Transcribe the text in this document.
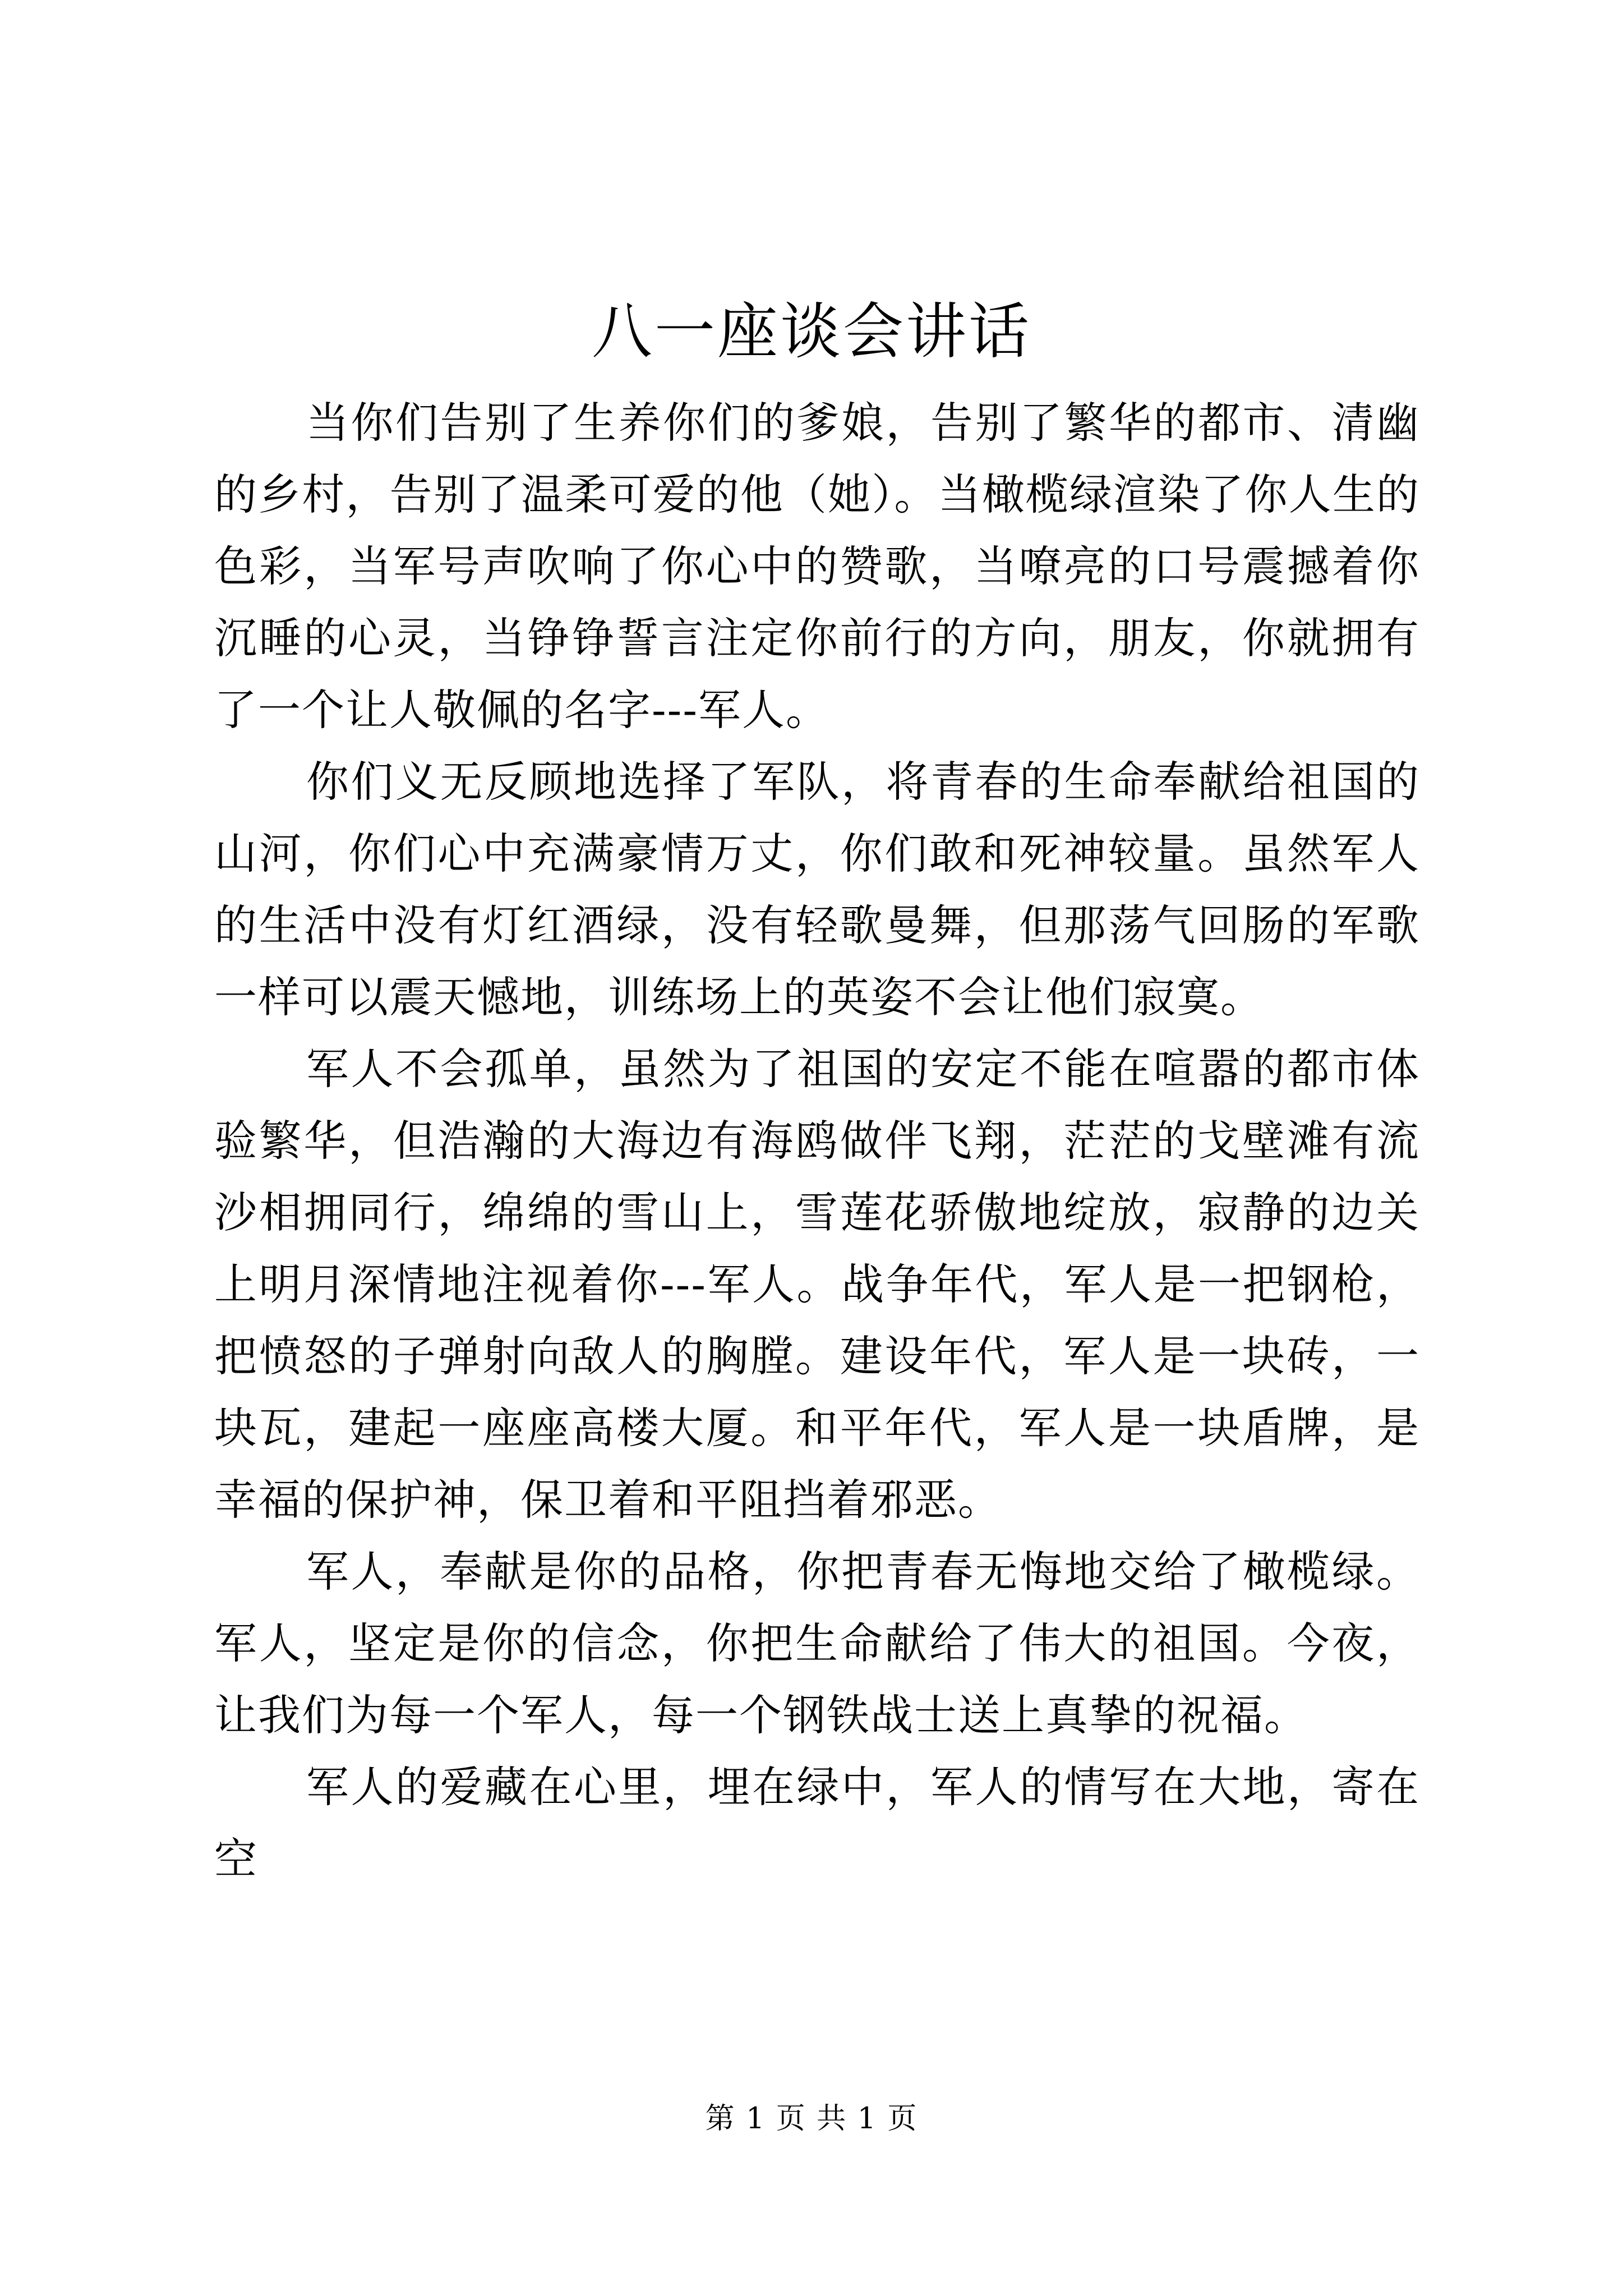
八一座谈会讲话

当你们告别了生养你们的爹娘，告别了繁华的都市、清幽的乡村，告别了温柔可爱的他（她）。当橄榄绿渲染了你人生的色彩，当军号声吹响了你心中的赞歌，当嘹亮的口号震撼着你沉睡的心灵，当铮铮誓言注定你前行的方向，朋友，你就拥有了一个让人敬佩的名字---军人。

你们义无反顾地选择了军队，将青春的生命奉献给祖国的山河，你们心中充满豪情万丈，你们敢和死神较量。虽然军人的生活中没有灯红酒绿，没有轻歌曼舞，但那荡气回肠的军歌一样可以震天憾地，训练场上的英姿不会让他们寂寞。

军人不会孤单，虽然为了祖国的安定不能在喧嚣的都市体验繁华，但浩瀚的大海边有海鸥做伴飞翔，茫茫的戈壁滩有流沙相拥同行，绵绵的雪山上，雪莲花骄傲地绽放，寂静的边关上明月深情地注视着你---军人。战争年代，军人是一把钢枪，把愤怒的子弹射向敌人的胸膛。建设年代，军人是一块砖，一块瓦，建起一座座高楼大厦。和平年代，军人是一块盾牌，是幸福的保护神，保卫着和平阻挡着邪恶。

军人，奉献是你的品格，你把青春无悔地交给了橄榄绿。军人，坚定是你的信念，你把生命献给了伟大的祖国。今夜，让我们为每一个军人，每一个钢铁战士送上真挚的祝福。

军人的爱藏在心里，埋在绿中，军人的情写在大地，寄在空

第 1 页 共 1 页
